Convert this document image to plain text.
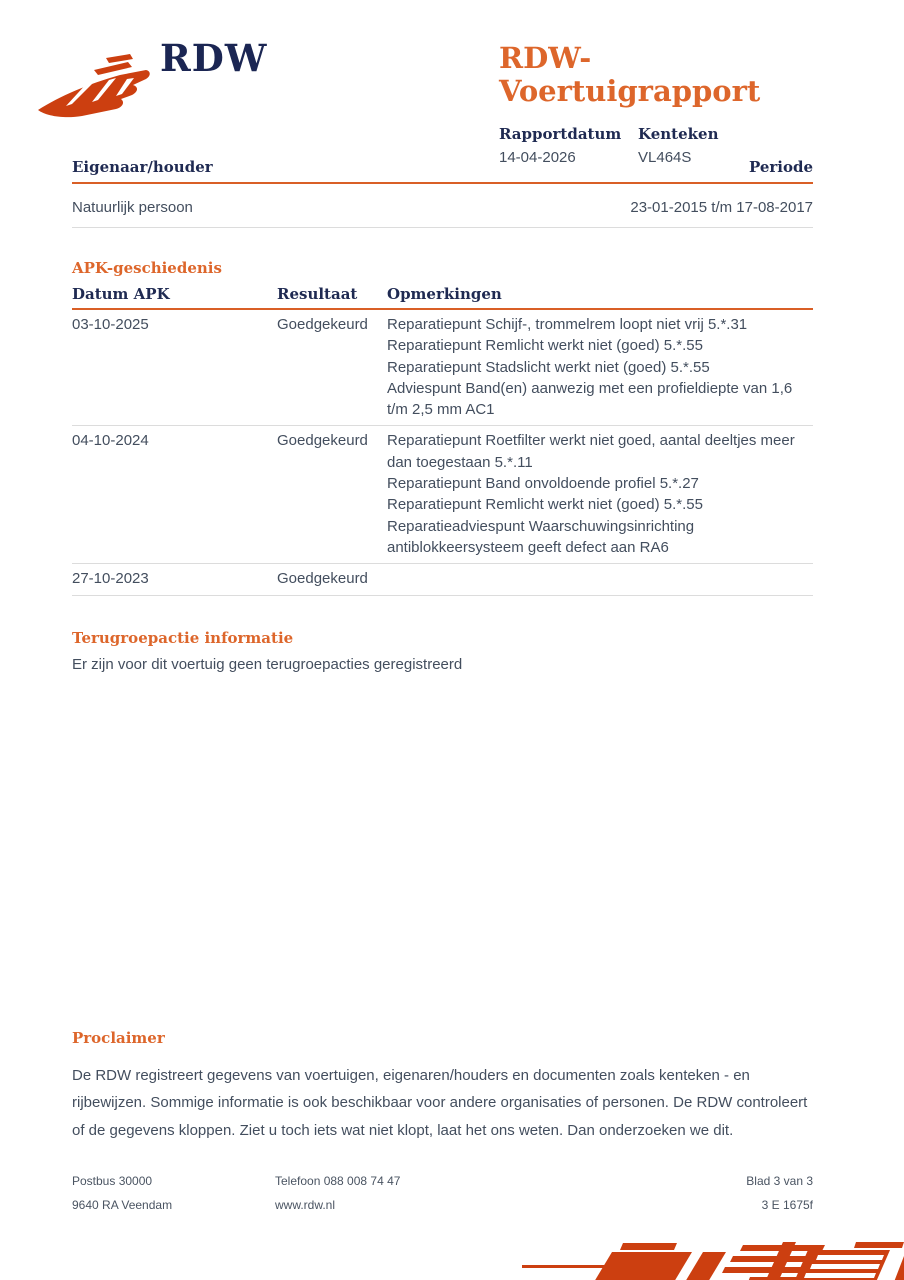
RDW	RDW-Voertuigrapport
Rapportdatum
14-04-2026
Kenteken
VL464S
Eigenaar/houder	Periode
Natuurlijk persoon	23-01-2015 t/m 17-08-2017
APK-geschiedenis
Datum APK	Resultaat	Opmerkingen
03-10-2025	Goedgekeurd	Reparatiepunt Schijf-, trommelrem loopt niet vrij 5.*.31
Reparatiepunt Remlicht werkt niet (goed) 5.*.55
Reparatiepunt Stadslicht werkt niet (goed) 5.*.55
Adviespunt Band(en) aanwezig met een profieldiepte van 1,6 t/m 2,5 mm AC1
04-10-2024	Goedgekeurd	Reparatiepunt Roetfilter werkt niet goed, aantal deeltjes meer dan toegestaan 5.*.11
Reparatiepunt Band onvoldoende profiel 5.*.27
Reparatiepunt Remlicht werkt niet (goed) 5.*.55
Reparatieadviespunt Waarschuwingsinrichting antiblokkeersysteem geeft defect aan RA6
27-10-2023	Goedgekeurd
Terugroepactie informatie
Er zijn voor dit voertuig geen terugroepacties geregistreerd
Proclaimer
De RDW registreert gegevens van voertuigen, eigenaren/houders en documenten zoals kenteken - en rijbewijzen. Sommige informatie is ook beschikbaar voor andere organisaties of personen. De RDW controleert of de gegevens kloppen. Ziet u toch iets wat niet klopt, laat het ons weten. Dan onderzoeken we dit.
Postbus 30000
9640 RA Veendam
Telefoon 088 008 74 47
www.rdw.nl
Blad 3 van 3
3 E 1675f
